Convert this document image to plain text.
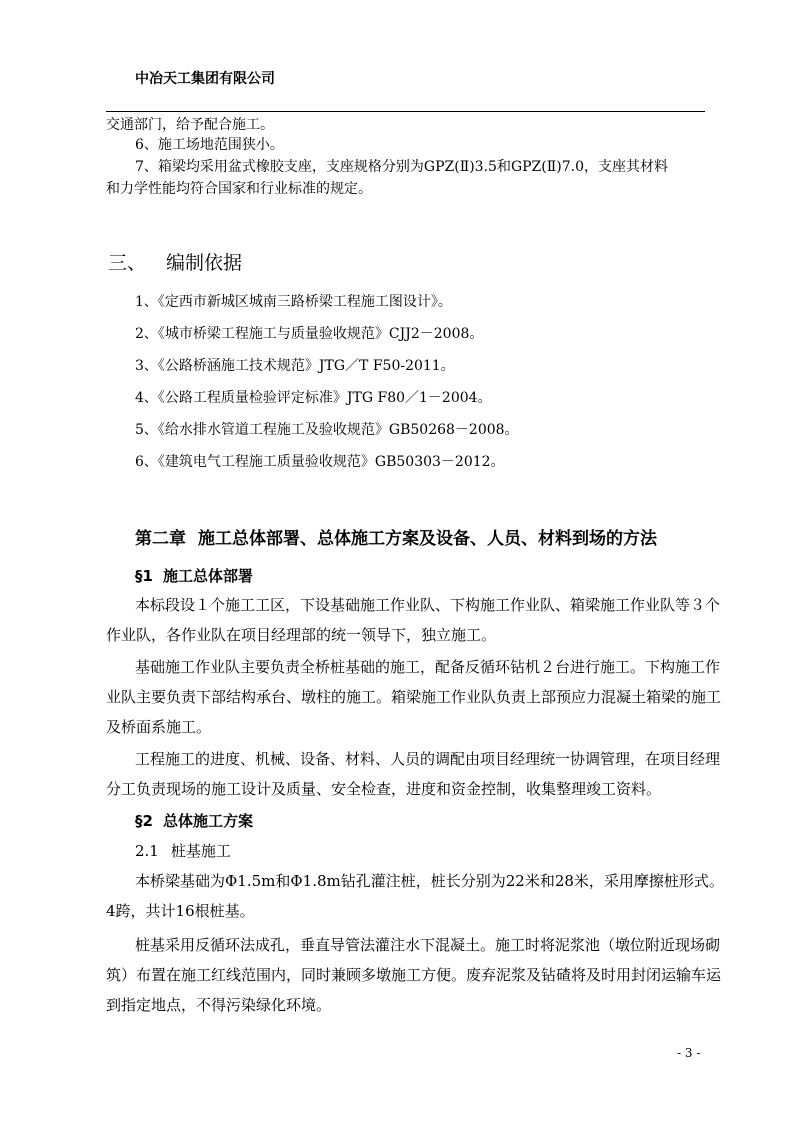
中冶天工集团有限公司
交通部门，给予配合施工。
6、施工场地范围狭小。
7、箱梁均采用盆式橡胶支座，支座规格分别为GPZ(Ⅱ)3.5和GPZ(Ⅱ)7.0，支座其材料
和力学性能均符合国家和行业标准的规定。
三、 编制依据
1、《定西市新城区城南三路桥梁工程施工图设计》。
2、《城市桥梁工程施工与质量验收规范》CJJ2－2008。
3、《公路桥涵施工技术规范》JTG／T F50-2011。
4、《公路工程质量检验评定标准》JTG F80／1－2004。
5、《给水排水管道工程施工及验收规范》GB50268－2008。
6、《建筑电气工程施工质量验收规范》GB50303－2012。
第二章 施工总体部署、总体施工方案及设备、人员、材料到场的方法
§1 施工总体部署
本标段设１个施工工区，下设基础施工作业队、下构施工作业队、箱梁施工作业队等３个
作业队，各作业队在项目经理部的统一领导下，独立施工。
基础施工作业队主要负责全桥桩基础的施工，配备反循环钻机２台进行施工。下构施工作
业队主要负责下部结构承台、墩柱的施工。箱梁施工作业队负责上部预应力混凝土箱梁的施工
及桥面系施工。
工程施工的进度、机械、设备、材料、人员的调配由项目经理统一协调管理，在项目经理
分工负责现场的施工设计及质量、安全检查，进度和资金控制，收集整理竣工资料。
§2 总体施工方案
2.1 桩基施工
本桥梁基础为Φ1.5m和Φ1.8m钻孔灌注桩，桩长分别为22米和28米，采用摩擦桩形式。
4跨，共计16根桩基。
桩基采用反循环法成孔，垂直导管法灌注水下混凝土。施工时将泥浆池（墩位附近现场砌
筑）布置在施工红线范围内，同时兼顾多墩施工方便。废弃泥浆及钻碴将及时用封闭运输车运
到指定地点，不得污染绿化环境。
- 3 -
